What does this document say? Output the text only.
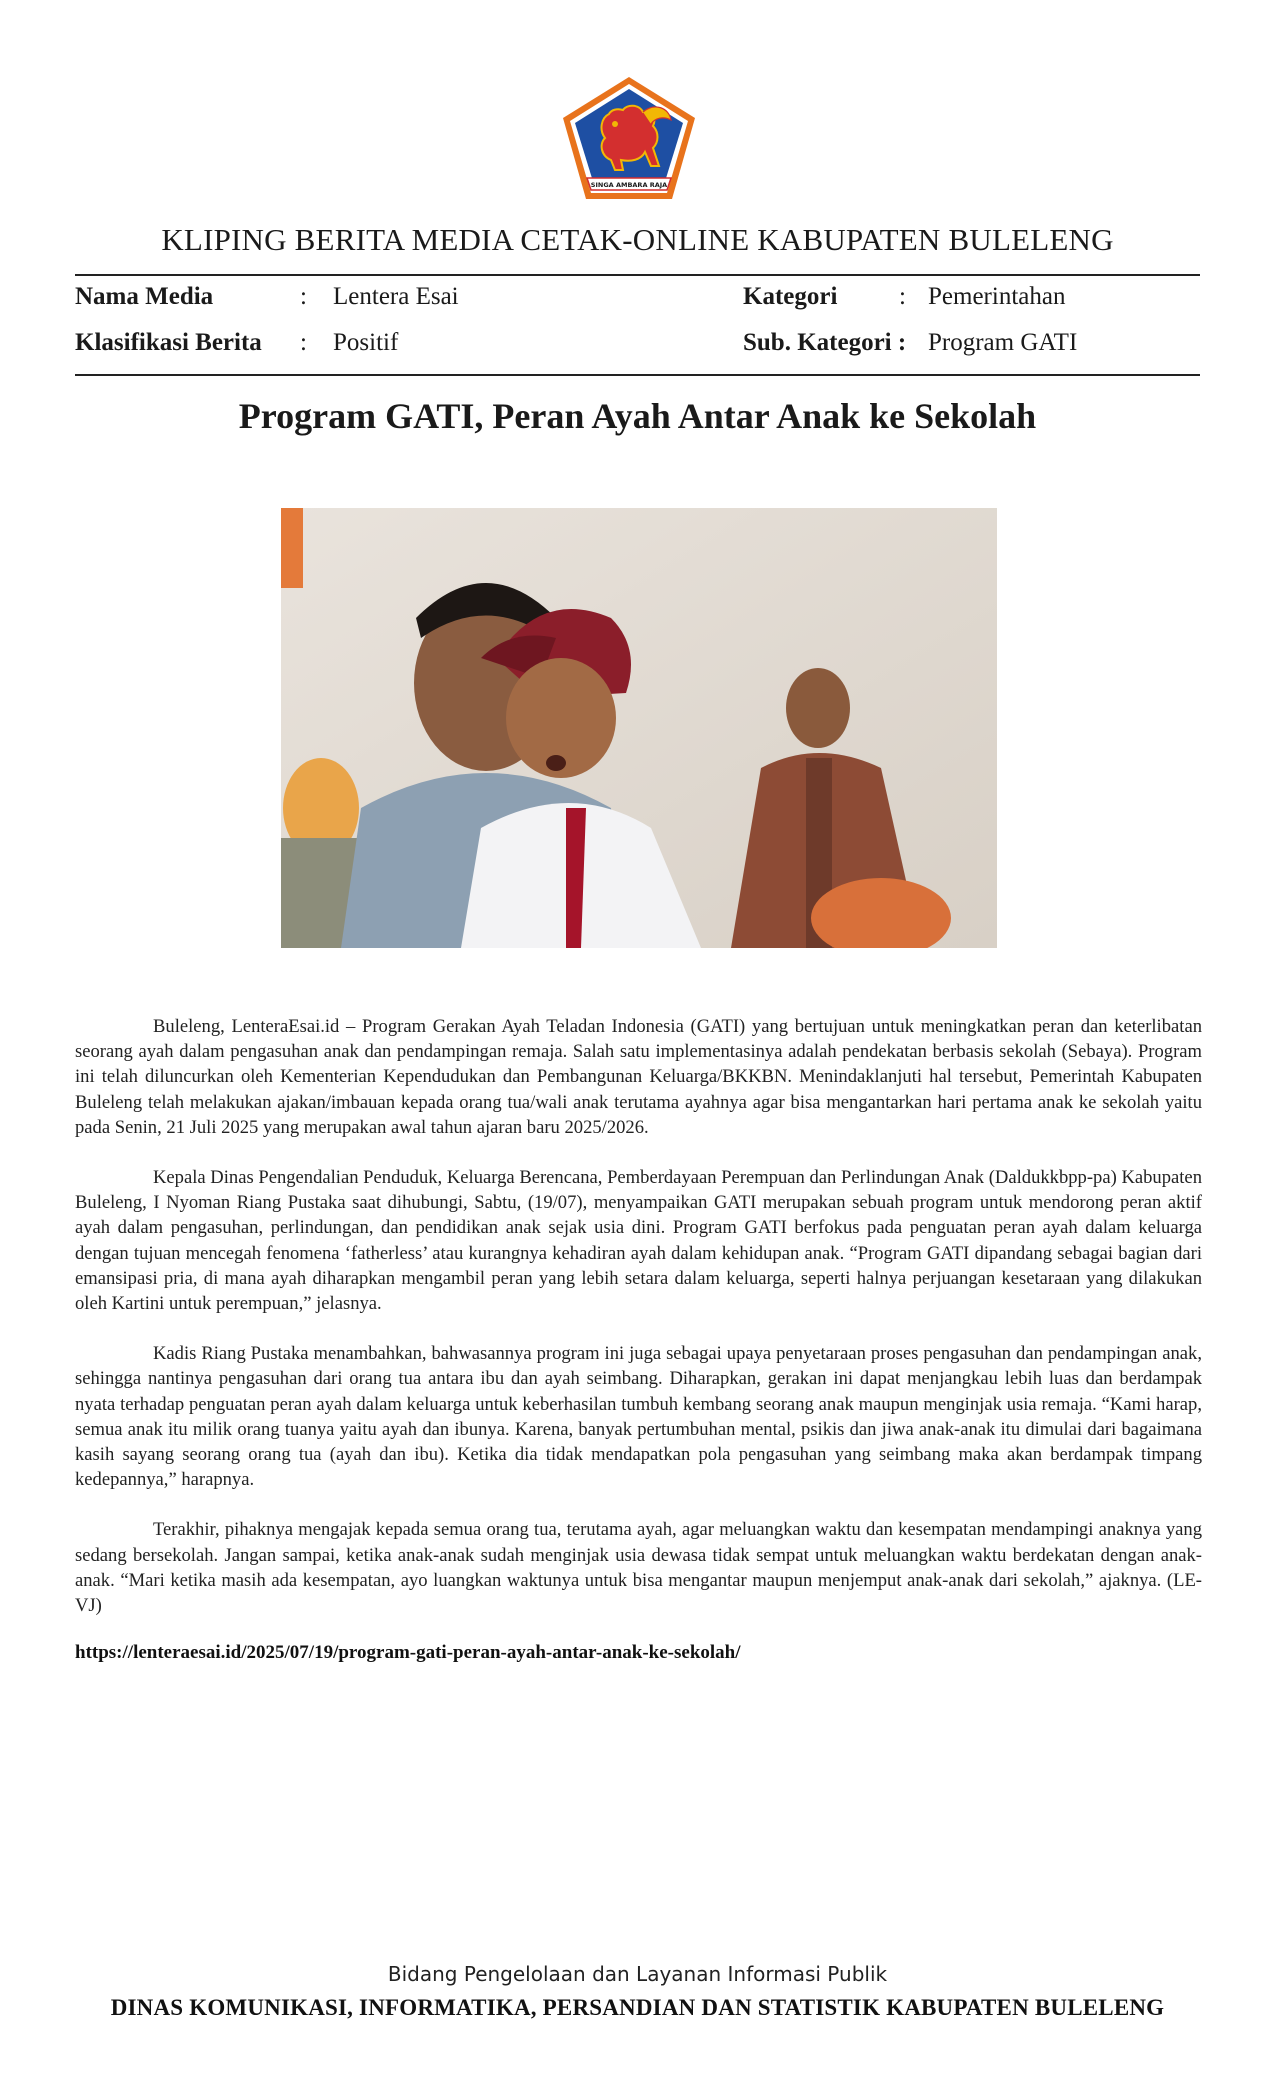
SINGA AMBARA RAJA
KLIPING BERITA MEDIA CETAK-ONLINE KABUPATEN BULELENG
Nama Media	: Lentera Esai	Kategori : Pemerintahan
Klasifikasi Berita : Positif	Sub. Kategori : Program GATI
Program GATI, Peran Ayah Antar Anak ke Sekolah

Buleleng, LenteraEsai.id – Program Gerakan Ayah Teladan Indonesia (GATI) yang bertujuan untuk meningkatkan peran dan keterlibatan seorang ayah dalam pengasuhan anak dan pendampingan remaja. Salah satu implementasinya adalah pendekatan berbasis sekolah (Sebaya). Program ini telah diluncurkan oleh Kementerian Kependudukan dan Pembangunan Keluarga/BKKBN. Menindaklanjuti hal tersebut, Pemerintah Kabupaten Buleleng telah melakukan ajakan/imbauan kepada orang tua/wali anak terutama ayahnya agar bisa mengantarkan hari pertama anak ke sekolah yaitu pada Senin, 21 Juli 2025 yang merupakan awal tahun ajaran baru 2025/2026.

Kepala Dinas Pengendalian Penduduk, Keluarga Berencana, Pemberdayaan Perempuan dan Perlindungan Anak (Daldukkbpp-pa) Kabupaten Buleleng, I Nyoman Riang Pustaka saat dihubungi, Sabtu, (19/07), menyampaikan GATI merupakan sebuah program untuk mendorong peran aktif ayah dalam pengasuhan, perlindungan, dan pendidikan anak sejak usia dini. Program GATI berfokus pada penguatan peran ayah dalam keluarga dengan tujuan mencegah fenomena ‘fatherless’ atau kurangnya kehadiran ayah dalam kehidupan anak. “Program GATI dipandang sebagai bagian dari emansipasi pria, di mana ayah diharapkan mengambil peran yang lebih setara dalam keluarga, seperti halnya perjuangan kesetaraan yang dilakukan oleh Kartini untuk perempuan,” jelasnya.

Kadis Riang Pustaka menambahkan, bahwasannya program ini juga sebagai upaya penyetaraan proses pengasuhan dan pendampingan anak, sehingga nantinya pengasuhan dari orang tua antara ibu dan ayah seimbang. Diharapkan, gerakan ini dapat menjangkau lebih luas dan berdampak nyata terhadap penguatan peran ayah dalam keluarga untuk keberhasilan tumbuh kembang seorang anak maupun menginjak usia remaja. “Kami harap, semua anak itu milik orang tuanya yaitu ayah dan ibunya. Karena, banyak pertumbuhan mental, psikis dan jiwa anak-anak itu dimulai dari bagaimana kasih sayang seorang orang tua (ayah dan ibu). Ketika dia tidak mendapatkan pola pengasuhan yang seimbang maka akan berdampak timpang kedepannya,” harapnya.

Terakhir, pihaknya mengajak kepada semua orang tua, terutama ayah, agar meluangkan waktu dan kesempatan mendampingi anaknya yang sedang bersekolah. Jangan sampai, ketika anak-anak sudah menginjak usia dewasa tidak sempat untuk meluangkan waktu berdekatan dengan anak-anak. “Mari ketika masih ada kesempatan, ayo luangkan waktunya untuk bisa mengantar maupun menjemput anak-anak dari sekolah,” ajaknya. (LE-VJ)

https://lenteraesai.id/2025/07/19/program-gati-peran-ayah-antar-anak-ke-sekolah/
Bidang Pengelolaan dan Layanan Informasi Publik
DINAS KOMUNIKASI, INFORMATIKA, PERSANDIAN DAN STATISTIK KABUPATEN BULELENG
